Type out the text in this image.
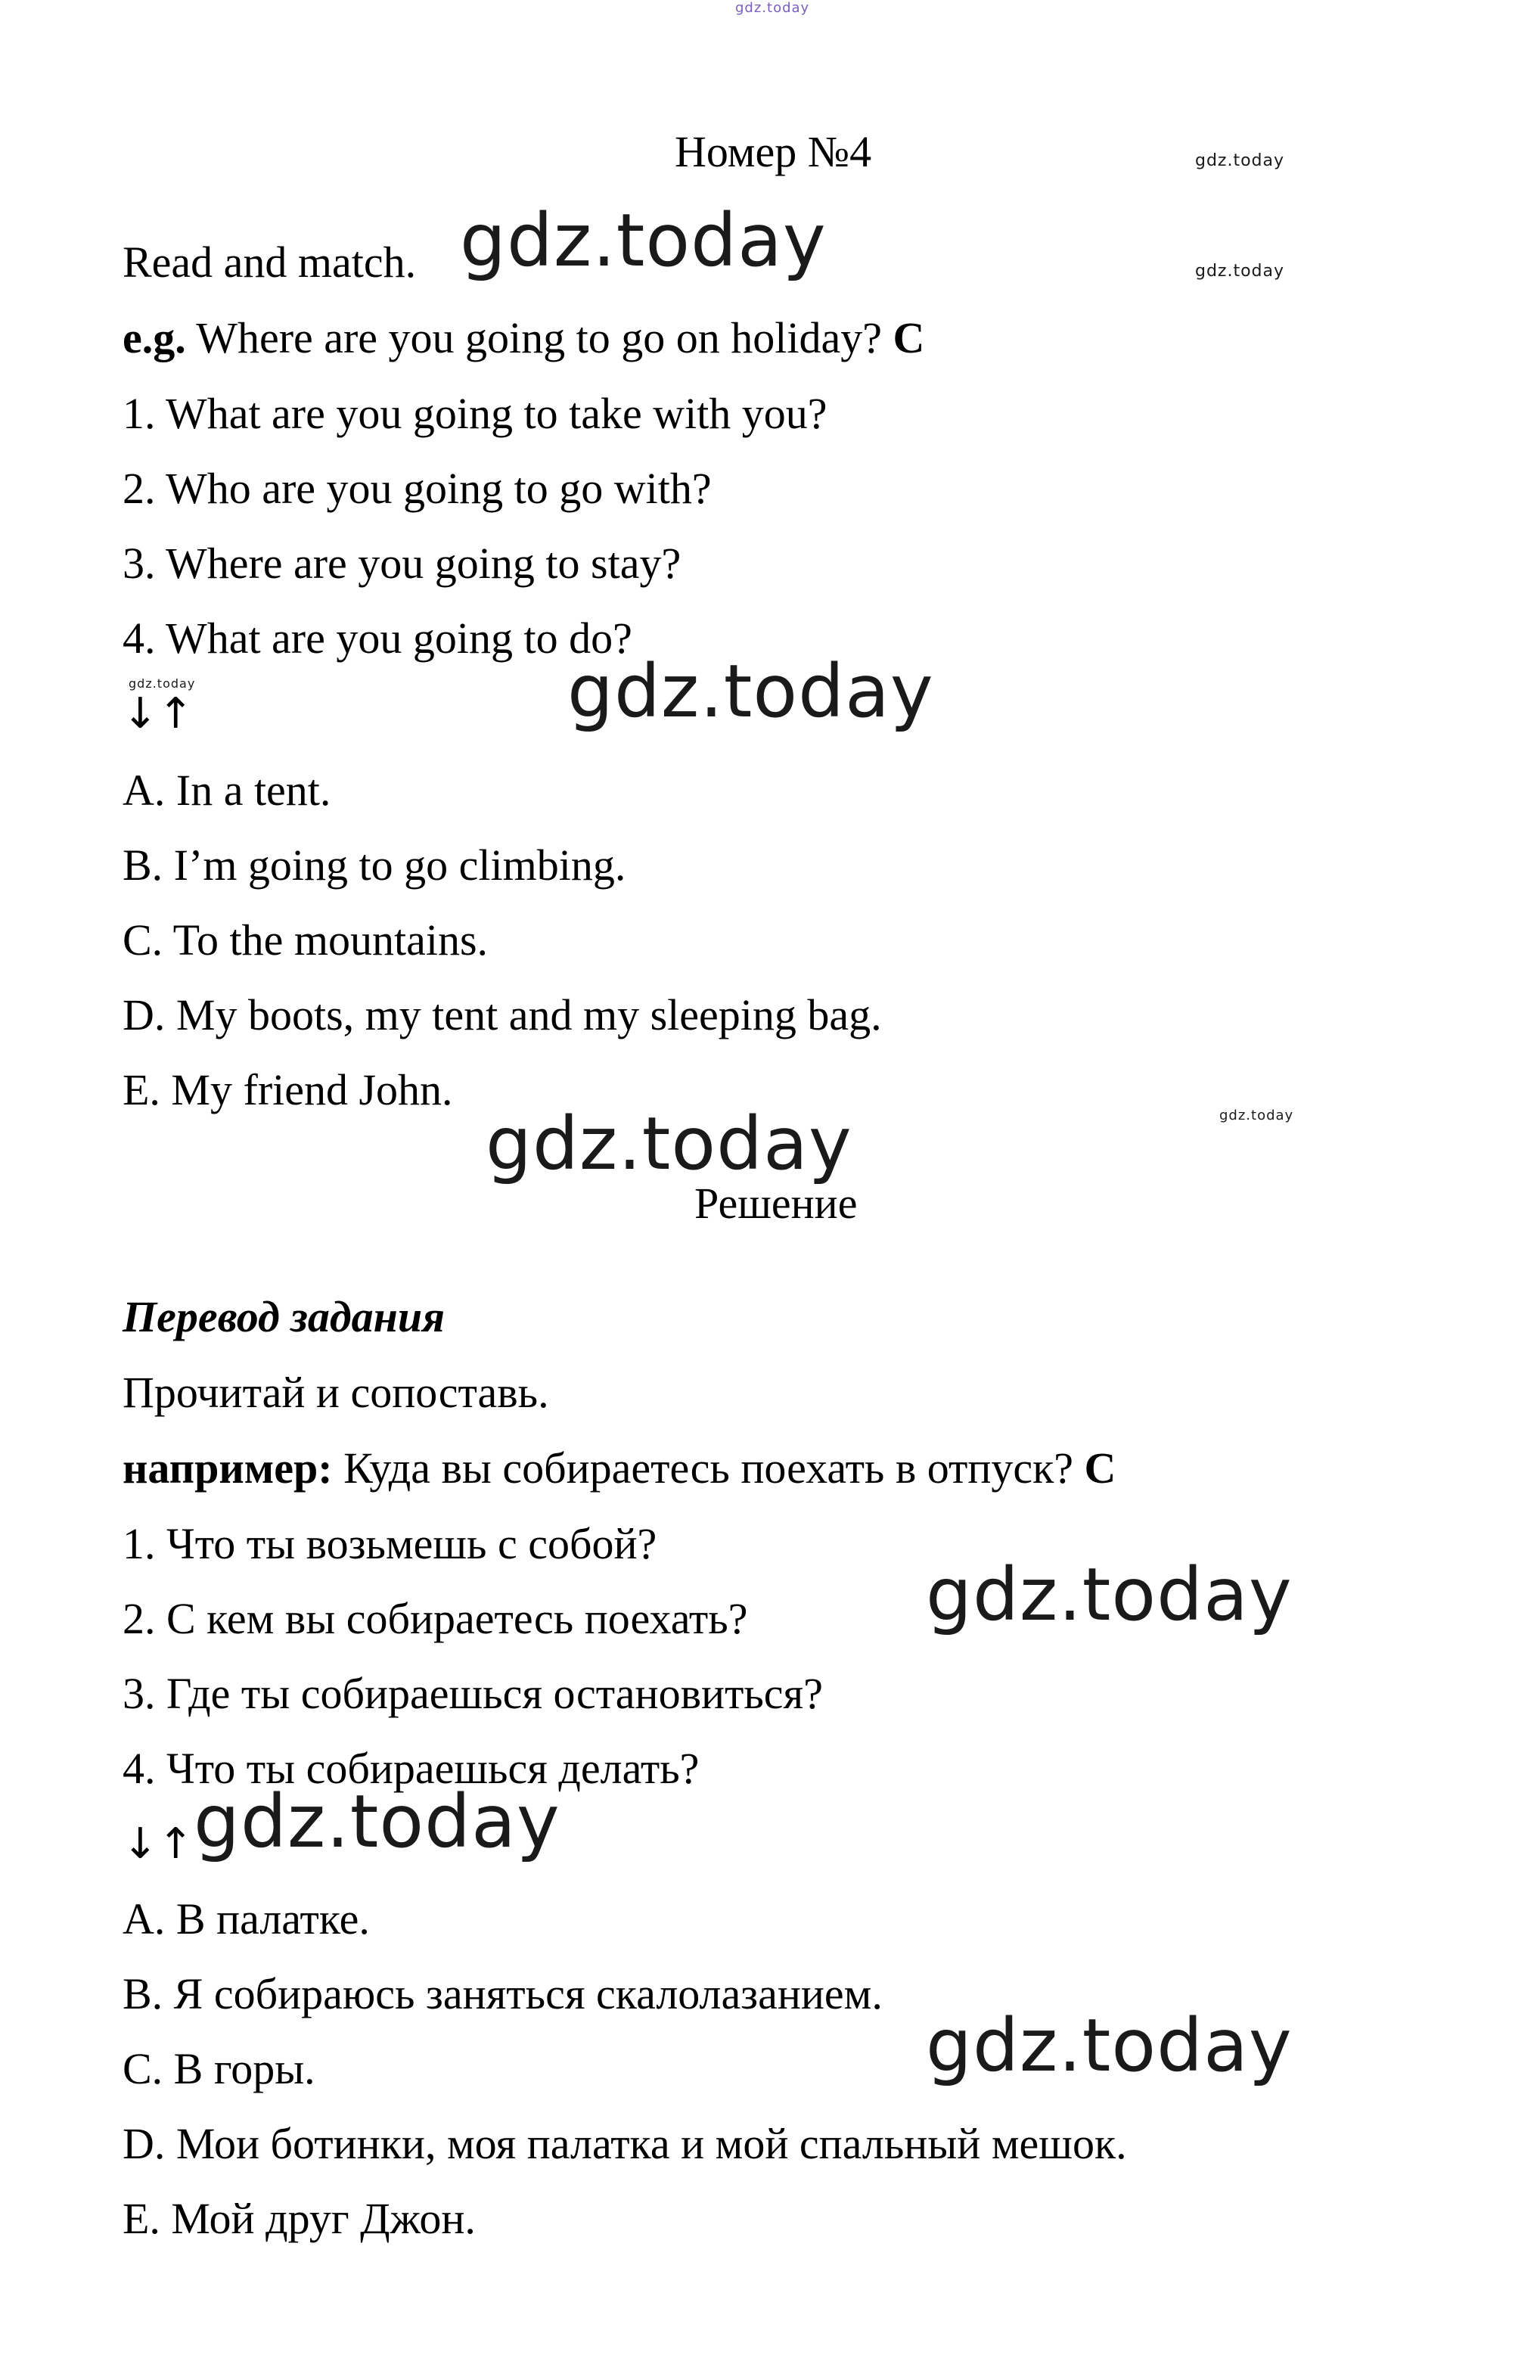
gdz.today
Номер №4	gdz.today
Read and match. gdz.today	gdz.today
e.g. Where are you going to go on holiday? C
1. What are you going to take with you?
2. Who are you going to go with?
3. Where are you going to stay?
4. What are you going to do?
gdz.today
↓↑	gdz.today
A. In a tent.
B. I’m going to go climbing.
C. To the mountains.
D. My boots, my tent and my sleeping bag.
E. My friend John.
gdz.today
gdz.today
Решение
Перевод задания
Прочитай и сопоставь.
например: Куда вы собираетесь поехать в отпуск? C
1. Что ты возьмешь с собой?
2. С кем вы собираетесь поехать? gdz.today
3. Где ты собираешься остановиться?
4. Что ты собираешься делать?
↓↑ gdz.today
A. В палатке.
B. Я собираюсь заняться скалолазанием.
gdz.today
C. В горы.
D. Мои ботинки, моя палатка и мой спальный мешок.
E. Мой друг Джон.
